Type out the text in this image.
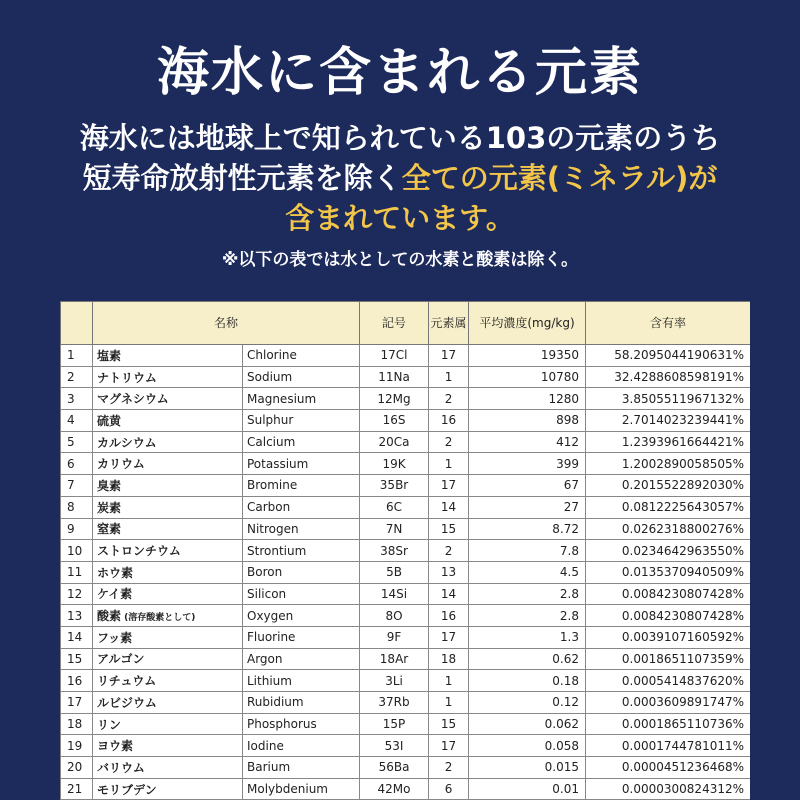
海水に含まれる元素
海水には地球上で知られている103の元素のうち
短寿命放射性元素を除く全ての元素(ミネラル)が
含まれています。
※以下の表では水としての水素と酸素は除く。
	名称		記号	元素属	平均濃度(mg/kg)	含有率
1	塩素	Chlorine	17Cl	17	19350	58.2095044190631%
2	ナトリウム	Sodium	11Na	1	10780	32.4288608598191%
3	マグネシウム	Magnesium	12Mg	2	1280	3.8505511967132%
4	硫黄	Sulphur	16S	16	898	2.7014023239441%
5	カルシウム	Calcium	20Ca	2	412	1.2393961664421%
6	カリウム	Potassium	19K	1	399	1.2002890058505%
7	臭素	Bromine	35Br	17	67	0.2015522892030%
8	炭素	Carbon	6C	14	27	0.0812225643057%
9	窒素	Nitrogen	7N	15	8.72	0.0262318800276%
10	ストロンチウム	Strontium	38Sr	2	7.8	0.0234642963550%
11	ホウ素	Boron	5B	13	4.5	0.0135370940509%
12	ケイ素	Silicon	14Si	14	2.8	0.0084230807428%
13	酸素 (溶存酸素として)	Oxygen	8O	16	2.8	0.0084230807428%
14	フッ素	Fluorine	9F	17	1.3	0.0039107160592%
15	アルゴン	Argon	18Ar	18	0.62	0.0018651107359%
16	リチュウム	Lithium	3Li	1	0.18	0.0005414837620%
17	ルビジウム	Rubidium	37Rb	1	0.12	0.0003609891747%
18	リン	Phosphorus	15P	15	0.062	0.0001865110736%
19	ヨウ素	Iodine	53I	17	0.058	0.0001744781011%
20	バリウム	Barium	56Ba	2	0.015	0.0000451236468%
21	モリブデン	Molybdenium	42Mo	6	0.01	0.0000300824312%
